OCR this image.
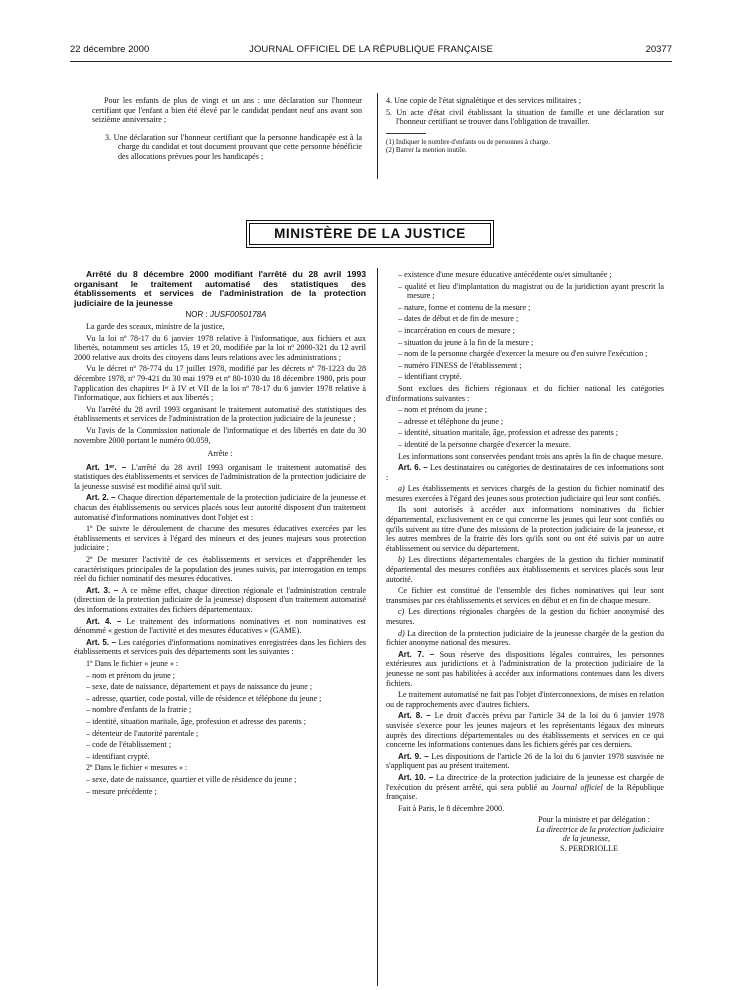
22 décembre 2000	JOURNAL OFFICIEL DE LA RÉPUBLIQUE FRANÇAISE	20377

Pour les enfants de plus de vingt et un ans : une déclaration sur l'honneur certifiant que l'enfant a bien été élevé par le candidat pendant neuf ans avant son seizième anniversaire ;

3. Une déclaration sur l'honneur certifiant que la personne handicapée est à la charge du candidat et tout document prouvant que cette personne bénéficie des allocations prévues pour les handicapés ;

4. Une copie de l'état signalétique et des services militaires ;

5. Un acte d'état civil établissant la situation de famille et une déclaration sur l'honneur certifiant se trouver dans l'obligation de travailler.

(1) Indiquer le nombre d'enfants ou de personnes à charge.

(2) Barrer la mention inutile.

MINISTÈRE DE LA JUSTICE

Arrêté du 8 décembre 2000 modifiant l'arrêté du 28 avril 1993 organisant le traitement automatisé des statistiques des établissements et services de l'administration de la protection judiciaire de la jeunesse

NOR : JUSF0050178A

La garde des sceaux, ministre de la justice,

Vu la loi nº 78-17 du 6 janvier 1978 relative à l'informatique, aux fichiers et aux libertés, notamment ses articles 15, 19 et 20, modifiée par la loi nº 2000-321 du 12 avril 2000 relative aux droits des citoyens dans leurs relations avec les administrations ;

Vu le décret nº 78-774 du 17 juillet 1978, modifié par les décrets nº 78-1223 du 28 décembre 1978, nº 79-421 du 30 mai 1979 et nº 80-1030 du 18 décembre 1980, pris pour l'application des chapitres Iᵉʳ à IV et VII de la loi nº 78-17 du 6 janvier 1978 relative à l'informatique, aux fichiers et aux libertés ;

Vu l'arrêté du 28 avril 1993 organisant le traitement automatisé des statistiques des établissements et services de l'administration de la protection judiciaire de la jeunesse ;

Vu l'avis de la Commission nationale de l'informatique et des libertés en date du 30 novembre 2000 portant le numéro 00.059,

Arrête :

Art. 1ᵉʳ. – L'arrêté du 28 avril 1993 organisant le traitement automatisé des statistiques des établissements et services de l'administration de la protection judiciaire de la jeunesse susvisé est modifié ainsi qu'il suit.

Art. 2. – Chaque direction départementale de la protection judiciaire de la jeunesse et chacun des établissements ou services placés sous leur autorité disposent d'un traitement automatisé d'informations nominatives dont l'objet est :

1º De suivre le déroulement de chacune des mesures éducatives exercées par les établissements et services à l'égard des mineurs et des jeunes majeurs sous protection judiciaire ;

2º De mesurer l'activité de ces établissements et services et d'appréhender les caractéristiques principales de la population des jeunes suivis, par interrogation en temps réel du fichier nominatif des mesures éducatives.

Art. 3. – A ce même effet, chaque direction régionale et l'administration centrale (direction de la protection judiciaire de la jeunesse) disposent d'un traitement automatisé des informations extraites des fichiers départementaux.

Art. 4. – Le traitement des informations nominatives et non nominatives est dénommé « gestion de l'activité et des mesures éducatives » (GAME).

Art. 5. – Les catégories d'informations nominatives enregistrées dans les fichiers des établissements et services puis des départements sont les suivantes :

1º Dans le fichier « jeune » :

– nom et prénom du jeune ;

– sexe, date de naissance, département et pays de naissance du jeune ;

– adresse, quartier, code postal, ville de résidence et téléphone du jeune ;

– nombre d'enfants de la fratrie ;

– identité, situation maritale, âge, profession et adresse des parents ;

– détenteur de l'autorité parentale ;

– code de l'établissement ;

– identifiant crypté.

2º Dans le fichier « mesures » :

– sexe, date de naissance, quartier et ville de résidence du jeune ;

– mesure précédente ;

– existence d'une mesure éducative antécédente ou/et simultanée ;

– qualité et lieu d'implantation du magistrat ou de la juridiction ayant prescrit la mesure ;

– nature, forme et contenu de la mesure ;

– dates de début et de fin de mesure ;

– incarcération en cours de mesure ;

– situation du jeune à la fin de la mesure ;

– nom de la personne chargée d'exercer la mesure ou d'en suivre l'exécution ;

– numéro FINESS de l'établissement ;

– identifiant crypté.

Sont exclues des fichiers régionaux et du fichier national les catégories d'informations suivantes :

– nom et prénom du jeune ;

– adresse et téléphone du jeune ;

– identité, situation maritale, âge, profession et adresse des parents ;

– identité de la personne chargée d'exercer la mesure.

Les informations sont conservées pendant trois ans après la fin de chaque mesure.

Art. 6. – Les destinataires ou catégories de destinataires de ces informations sont :

a) Les établissements et services chargés de la gestion du fichier nominatif des mesures exercées à l'égard des jeunes sous protection judiciaire qui leur sont confiés.

Ils sont autorisés à accéder aux informations nominatives du fichier départemental, exclusivement en ce qui concerne les jeunes qui leur sont confiés ou qu'ils suivent au titre d'une des missions de la protection judiciaire de la jeunesse, et les autres membres de la fratrie dès lors qu'ils sont ou ont été suivis par un autre établissement ou service du département.

b) Les directions départementales chargées de la gestion du fichier nominatif départemental des mesures confiées aux établissements et services placés sous leur autorité.

Ce fichier est constitué de l'ensemble des fiches nominatives qui leur sont transmises par ces établissements et services en début et en fin de chaque mesure.

c) Les directions régionales chargées de la gestion du fichier anonymisé des mesures.

d) La direction de la protection judiciaire de la jeunesse chargée de la gestion du fichier anonyme national des mesures.

Art. 7. – Sous réserve des dispositions légales contraires, les personnes extérieures aux juridictions et à l'administration de la protection judiciaire de la jeunesse ne sont pas habilitées à accéder aux informations contenues dans les divers fichiers.

Le traitement automatisé ne fait pas l'objet d'interconnexions, de mises en relation ou de rapprochements avec d'autres fichiers.

Art. 8. – Le droit d'accès prévu par l'article 34 de la loi du 6 janvier 1978 susvisée s'exerce pour les jeunes majeurs et les représentants légaux des mineurs auprès des directions départementales ou des établissements et services en ce qui concerne les informations contenues dans les fichiers gérés par ces derniers.

Art. 9. – Les dispositions de l'article 26 de la loi du 6 janvier 1978 susvisée ne s'appliquent pas au présent traitement.

Art. 10. – La directrice de la protection judiciaire de la jeunesse est chargée de l'exécution du présent arrêté, qui sera publié au Journal officiel de la République française.

Fait à Paris, le 8 décembre 2000.

Pour la ministre et par délégation :

La directrice de la protection judiciaire

de la jeunesse,

S. PERDRIOLLE
